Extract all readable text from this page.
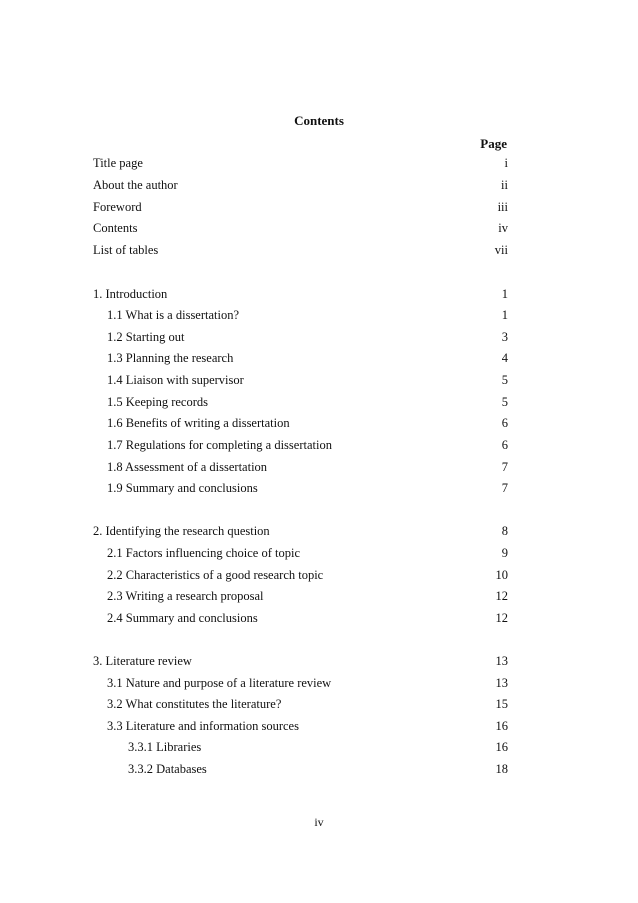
Contents
Page
Title page	i
About the author	ii
Foreword	iii
Contents	iv
List of tables	vii
1. Introduction	1
1.1 What is a dissertation?	1
1.2 Starting out	3
1.3 Planning the research	4
1.4 Liaison with supervisor	5
1.5 Keeping records	5
1.6 Benefits of writing a dissertation	6
1.7 Regulations for completing a dissertation	6
1.8 Assessment of a dissertation	7
1.9 Summary and conclusions	7
2. Identifying the research question	8
2.1 Factors influencing choice of topic	9
2.2 Characteristics of a good research topic	10
2.3 Writing a research proposal	12
2.4 Summary and conclusions	12
3. Literature review	13
3.1 Nature and purpose of a literature review	13
3.2 What constitutes the literature?	15
3.3 Literature and information sources	16
3.3.1 Libraries	16
3.3.2 Databases	18
iv
